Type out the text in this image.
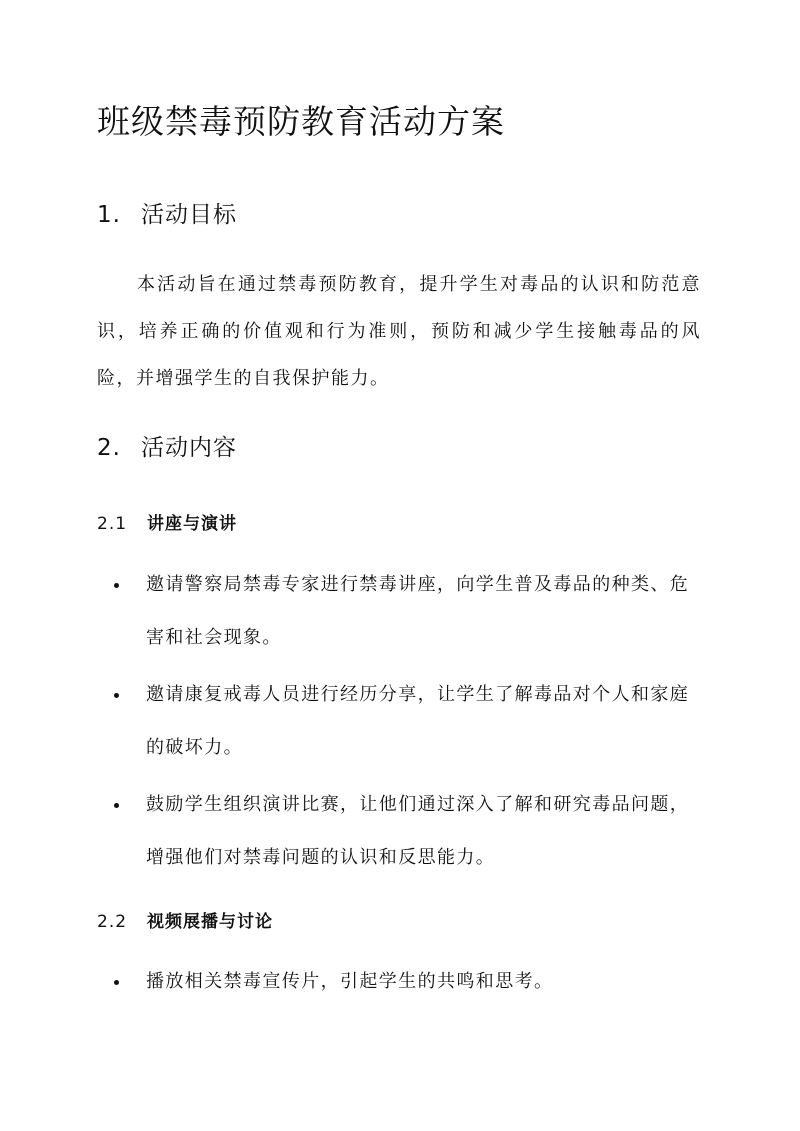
班级禁毒预防教育活动方案
1. 活动目标

本活动旨在通过禁毒预防教育，提升学生对毒品的认识和防范意识，培养正确的价值观和行为准则，预防和减少学生接触毒品的风险，并增强学生的自我保护能力。

2. 活动内容
2.1 讲座与演讲
邀请警察局禁毒专家进行禁毒讲座，向学生普及毒品的种类、危害和社会现象。
邀请康复戒毒人员进行经历分享，让学生了解毒品对个人和家庭的破坏力。
鼓励学生组织演讲比赛，让他们通过深入了解和研究毒品问题，增强他们对禁毒问题的认识和反思能力。
2.2 视频展播与讨论
播放相关禁毒宣传片，引起学生的共鸣和思考。
